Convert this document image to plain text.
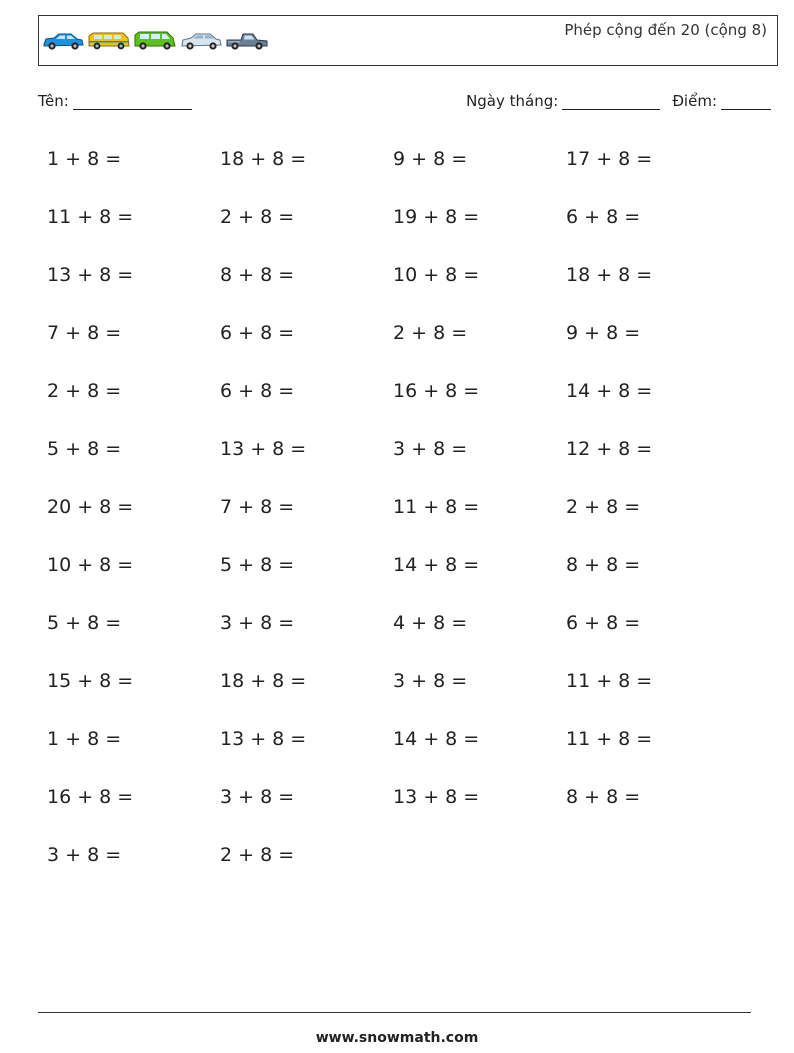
Phép cộng đến 20 (cộng 8)
Tên:	Ngày tháng:	Điểm:
1 + 8 =	18 + 8 =	9 + 8 =	17 + 8 =
11 + 8 =	2 + 8 =	19 + 8 =	6 + 8 =
13 + 8 =	8 + 8 =	10 + 8 =	18 + 8 =
7 + 8 =	6 + 8 =	2 + 8 =	9 + 8 =
2 + 8 =	6 + 8 =	16 + 8 =	14 + 8 =
5 + 8 =	13 + 8 =	3 + 8 =	12 + 8 =
20 + 8 =	7 + 8 =	11 + 8 =	2 + 8 =
10 + 8 =	5 + 8 =	14 + 8 =	8 + 8 =
5 + 8 =	3 + 8 =	4 + 8 =	6 + 8 =
15 + 8 =	18 + 8 =	3 + 8 =	11 + 8 =
1 + 8 =	13 + 8 =	14 + 8 =	11 + 8 =
16 + 8 =	3 + 8 =	13 + 8 =	8 + 8 =
3 + 8 =	2 + 8 =
www.snowmath.com
